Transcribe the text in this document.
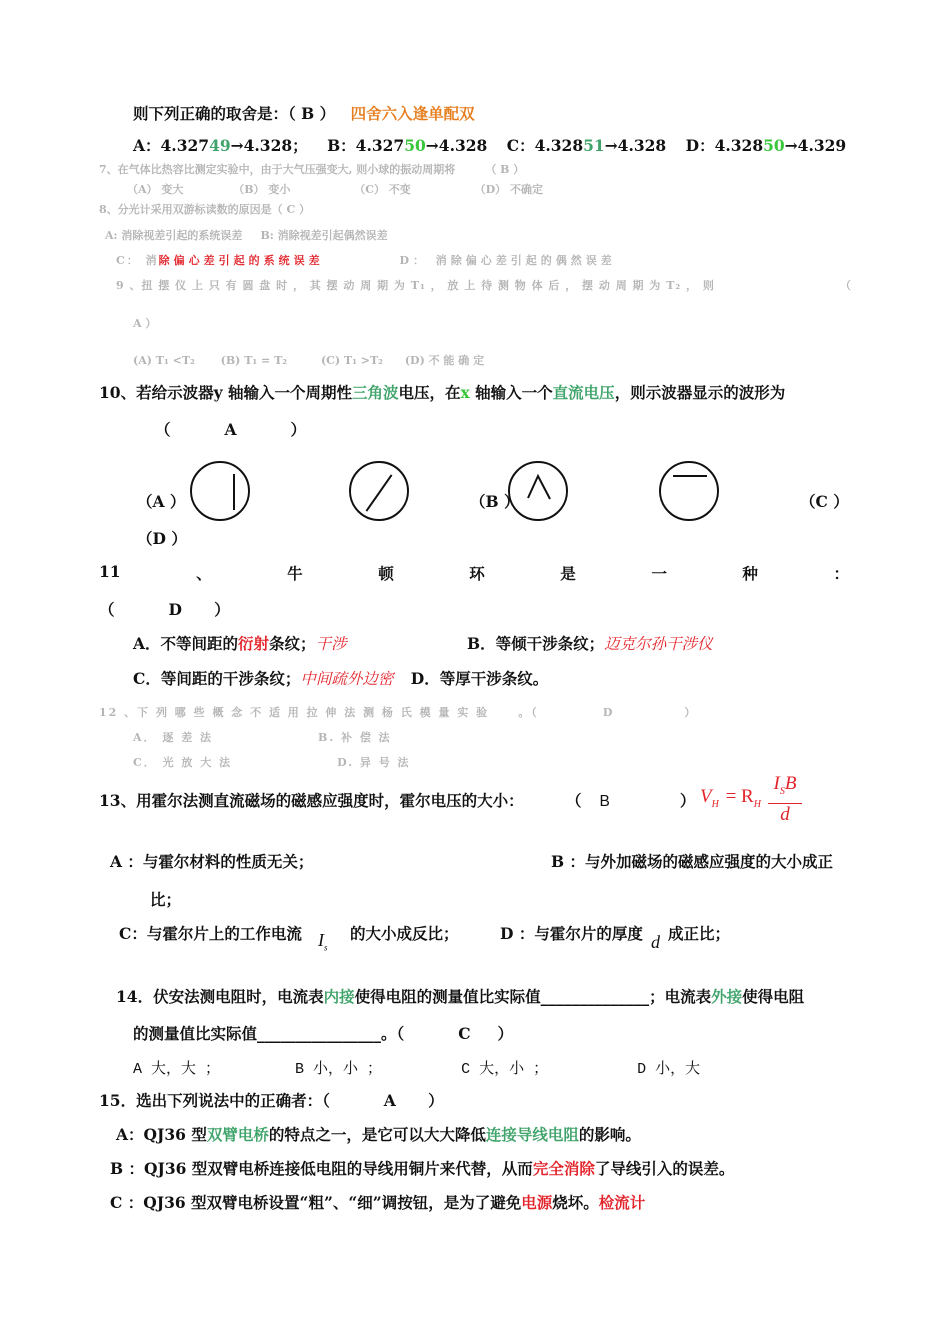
则下列正确的取舍是：（ B ） 四舍六入逢单配双
A：4.32749→4.328； B：4.32750→4.328 C：4.32851→4.328 D：4.32850→4.329
7、在气体比热容比测定实验中，由于大气压强变大, 则小球的振动周期将	（ B ）
（A） 变大	（B） 变小	（C） 不变	（D） 不确定
8、分光计采用双游标读数的原因是（ C ）
A: 消除视差引起的系统误差 B: 消除视差引起偶然误差
C： 消除偏心差引起的系统误差	D： 消除偏心差引起的偶然误差
9 、扭 摆 仪 上 只 有 圆 盘 时 ， 其 摆 动 周 期 为 T₁ ， 放 上 待 测 物 体 后 ， 摆 动 周 期 为 T₂ ， 则	（
A ）
(A) T₁ <T₂ (B) T₁ = T₂	(C) T₁ >T₂ (D) 不 能 确 定
10、若给示波器y 轴输入一个周期性三角波电压，在x 轴输入一个直流电压，则示波器显示的波形为
（          A          ）
（A ）	（B ）	（C ）
（D ）
11	、	牛	顿	环	是	一	种	：
（          D      ）
A．不等间距的衍射条纹；干涉	B．等倾干涉条纹；迈克尔孙干涉仪
C．等间距的干涉条纹；中间疏外边密 D．等厚干涉条纹。
12 、下 列 哪 些 概 念 不 适 用 拉 伸 法 测 杨 氏 模 量 实 验     。（           D            ）
A． 逐 差 法	B. 补 偿 法
C． 光 放 大 法	D. 异 号 法
13、用霍尔法测直流磁场的磁感应强度时，霍尔电压的大小：	（ B	） $V_H = R_H$
$I_SB$
d
A ：与霍尔材料的性质无关；	B ：与外加磁场的磁感应强度的大小成正
比；
C：与霍尔片上的工作电流 $I_s$
的大小成反比；	D ：与霍尔片的厚度 d 成正比；
14．伏安法测电阻时，电流表内接使得电阻的测量值比实际值______________；电流表外接使得电阻
的测量值比实际值________________。（          C     ）
A 大，大 ；	B 小，小 ；	C 大，小 ；	D 小，大
15．选出下列说法中的正确者：（          A      ）
A：QJ36 型双臂电桥的特点之一，是它可以大大降低连接导线电阻的影响。
B ：QJ36 型双臂电桥连接低电阻的导线用铜片来代替，从而完全消除了导线引入的误差。
C ：QJ36 型双臂电桥设置“粗”、“细”调按钮，是为了避免电源烧坏。检流计
